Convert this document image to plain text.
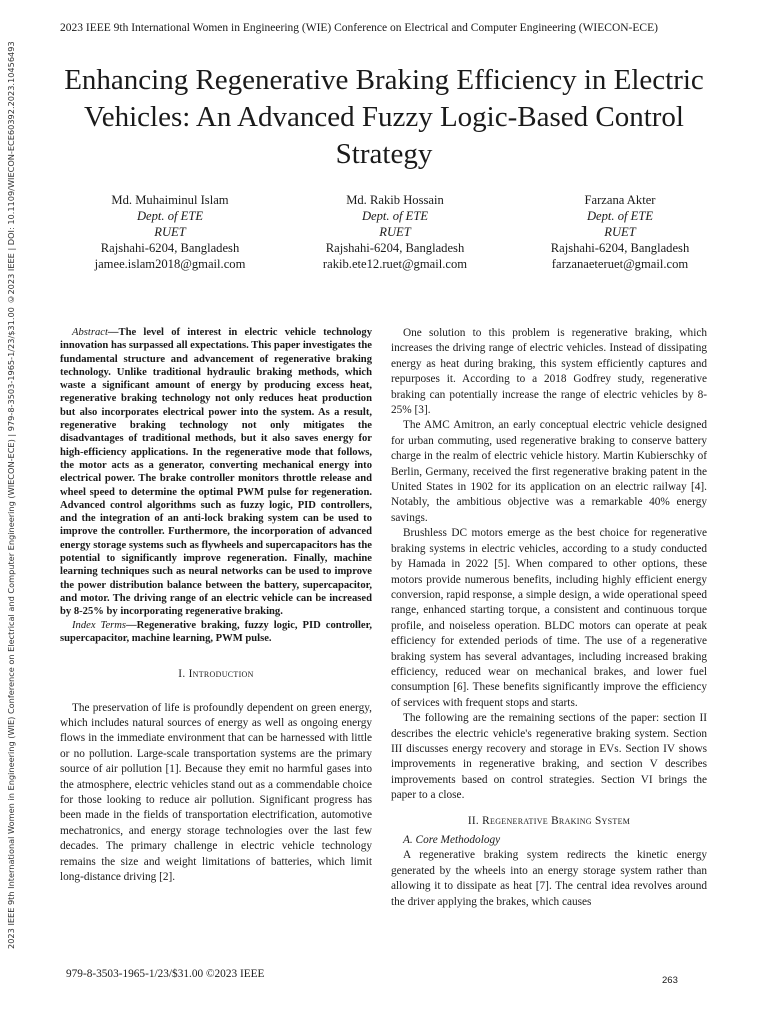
2023 IEEE 9th International Women in Engineering (WIE) Conference on Electrical and Computer Engineering (WIECON-ECE) | 979-8-3503-1965-1/23/$31.00 ©2023 IEEE | DOI: 10.1109/WIECON-ECE60392.2023.10456493
2023 IEEE 9th International Women in Engineering (WIE) Conference on Electrical and Computer Engineering (WIECON-ECE)
Enhancing Regenerative Braking Efficiency in Electric Vehicles: An Advanced Fuzzy Logic-Based Control Strategy
Md. Muhaiminul Islam
Dept. of ETE
RUET
Rajshahi-6204, Bangladesh
jamee.islam2018@gmail.com
Md. Rakib Hossain
Dept. of ETE
RUET
Rajshahi-6204, Bangladesh
rakib.ete12.ruet@gmail.com
Farzana Akter
Dept. of ETE
RUET
Rajshahi-6204, Bangladesh
farzanaeteruet@gmail.com

Abstract—The level of interest in electric vehicle technology innovation has surpassed all expectations. This paper investigates the fundamental structure and advancement of regenerative braking technology. Unlike traditional hydraulic braking methods, which waste a significant amount of energy by producing excess heat, regenerative braking technology not only reduces heat production but also incorporates electrical power into the system. As a result, regenerative braking technology not only mitigates the disadvantages of traditional methods, but it also saves energy for high-efficiency applications. In the regenerative mode that follows, the motor acts as a generator, converting mechanical energy into electrical power. The brake controller monitors throttle release and wheel speed to determine the optimal PWM pulse for regeneration. Advanced control algorithms such as fuzzy logic, PID controllers, and the integration of an anti-lock braking system can be used to improve the controller. Furthermore, the incorporation of advanced energy storage systems such as flywheels and supercapacitors has the potential to significantly improve regeneration. Finally, machine learning techniques such as neural networks can be used to improve the power distribution balance between the battery, supercapacitor, and motor. The driving range of an electric vehicle can be increased by 8-25% by incorporating regenerative braking.

Index Terms—Regenerative braking, fuzzy logic, PID controller, supercapacitor, machine learning, PWM pulse.

I. Introduction

The preservation of life is profoundly dependent on green energy, which includes natural sources of energy as well as ongoing energy flows in the immediate environment that can be harnessed with little or no pollution. Large-scale transportation systems are the primary source of air pollution [1]. Because they emit no harmful gases into the atmosphere, electric vehicles stand out as a commendable choice for those looking to reduce air pollution. Significant progress has been made in the fields of transportation electrification, automotive mechatronics, and energy storage technologies over the last few decades. The primary challenge in electric vehicle technology remains the size and weight limitations of batteries, which limit long-distance driving [2].

One solution to this problem is regenerative braking, which increases the driving range of electric vehicles. Instead of dissipating energy as heat during braking, this system efficiently captures and repurposes it. According to a 2018 Godfrey study, regenerative braking can potentially increase the range of electric vehicles by 8-25% [3].

The AMC Amitron, an early conceptual electric vehicle designed for urban commuting, used regenerative braking to conserve battery charge in the realm of electric vehicle history. Martin Kubierschky of Berlin, Germany, received the first regenerative braking patent in the United States in 1902 for its application on an electric railway [4]. Notably, the ambitious objective was a remarkable 40% energy savings.

Brushless DC motors emerge as the best choice for regenerative braking systems in electric vehicles, according to a study conducted by Hamada in 2022 [5]. When compared to other options, these motors provide numerous benefits, including highly efficient energy conversion, rapid response, a simple design, a wide operational speed range, enhanced starting torque, a consistent and continuous torque profile, and noiseless operation. BLDC motors can operate at peak efficiency for extended periods of time. The use of a regenerative braking system has several advantages, including increased braking efficiency, reduced wear on mechanical brakes, and lower fuel consumption [6]. These benefits significantly improve the efficiency of services with frequent stops and starts.

The following are the remaining sections of the paper: section II describes the electric vehicle's regenerative braking system. Section III discusses energy recovery and storage in EVs. Section IV shows improvements in regenerative braking, and section V describes improvements based on control strategies. Section VI brings the paper to a close.

II. Regenerative Braking System

A. Core Methodology

A regenerative braking system redirects the kinetic energy generated by the wheels into an energy storage system rather than allowing it to dissipate as heat [7]. The central idea revolves around the driver applying the brakes, which causes

979-8-3503-1965-1/23/$31.00 ©2023 IEEE
263
